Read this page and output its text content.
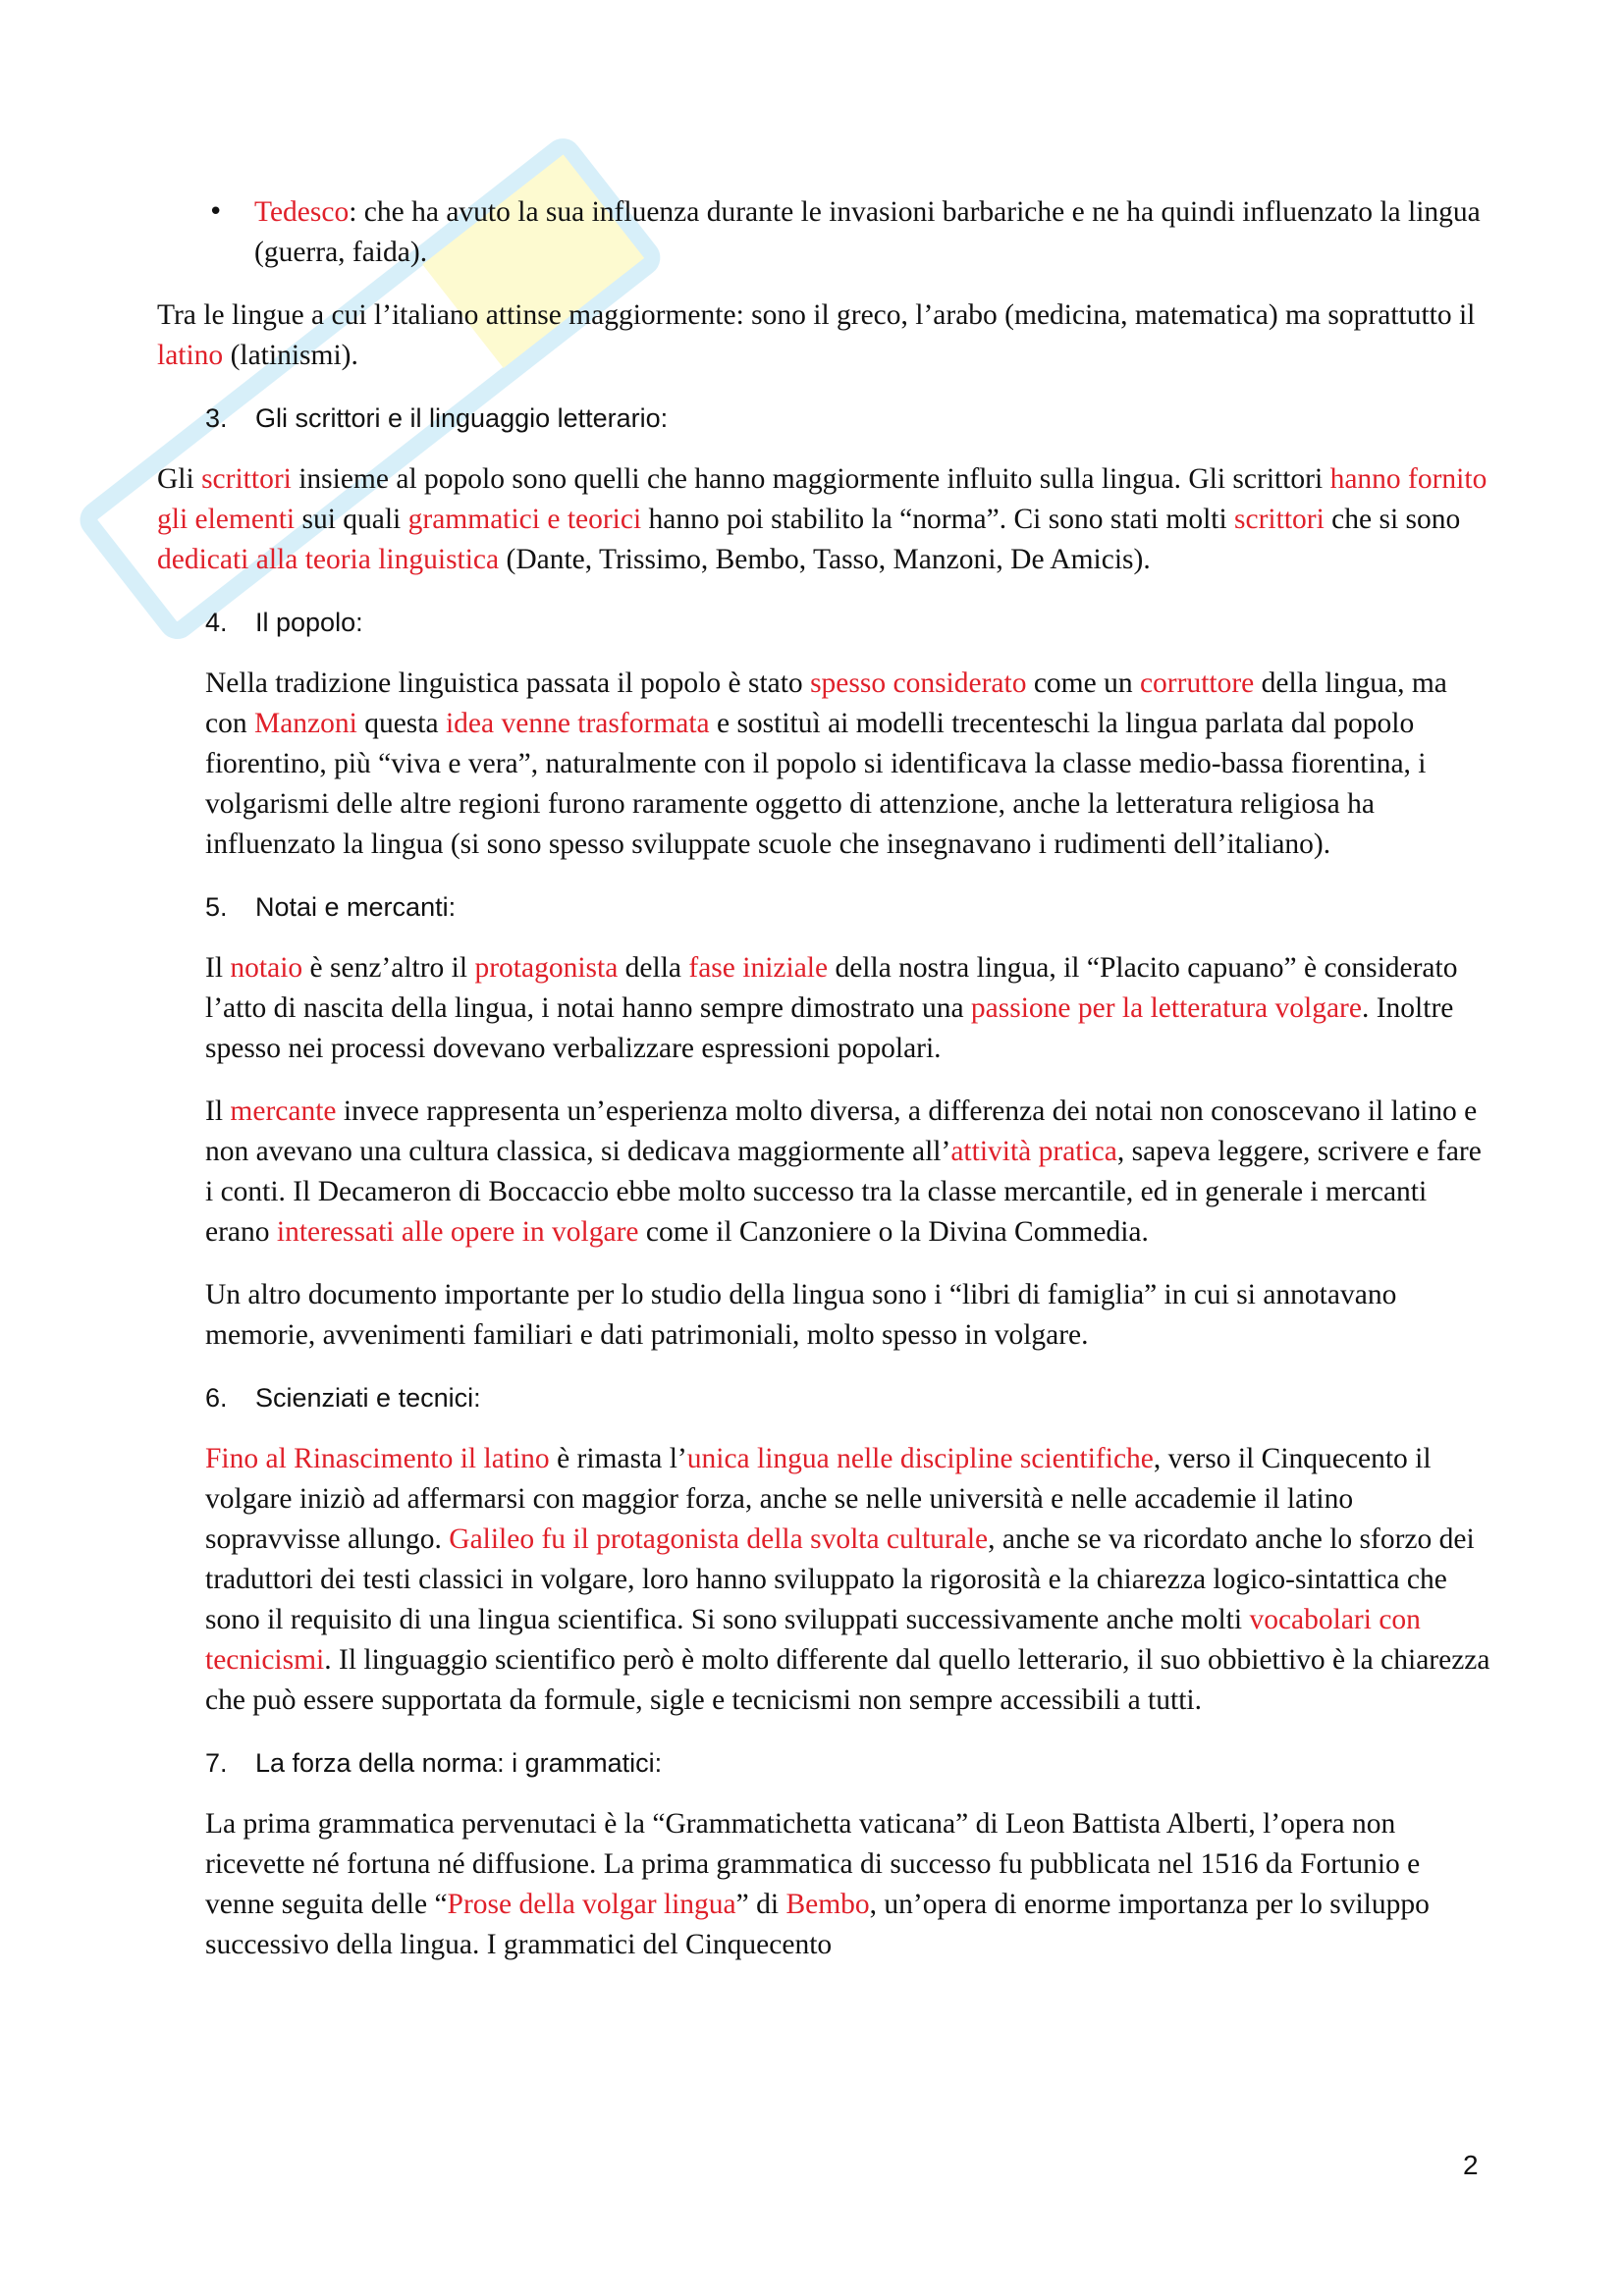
• Tedesco: che ha avuto la sua influenza durante le invasioni barbariche e ne ha quindi influenzato la lingua (guerra, faida).

Tra le lingue a cui l’italiano attinse maggiormente: sono il greco, l’arabo (medicina, matematica) ma soprattutto il latino (latinismi).

3. Gli scrittori e il linguaggio letterario:

Gli scrittori insieme al popolo sono quelli che hanno maggiormente influito sulla lingua. Gli scrittori hanno fornito gli elementi sui quali grammatici e teorici hanno poi stabilito la “norma”. Ci sono stati molti scrittori che si sono dedicati alla teoria linguistica (Dante, Trissimo, Bembo, Tasso, Manzoni, De Amicis).

4. Il popolo:

Nella tradizione linguistica passata il popolo è stato spesso considerato come un corruttore della lingua, ma con Manzoni questa idea venne trasformata e sostituì ai modelli trecenteschi la lingua parlata dal popolo fiorentino, più “viva e vera”, naturalmente con il popolo si identificava la classe medio-bassa fiorentina, i volgarismi delle altre regioni furono raramente oggetto di attenzione, anche la letteratura religiosa ha influenzato la lingua (si sono spesso sviluppate scuole che insegnavano i rudimenti dell’italiano).

5. Notai e mercanti:

Il notaio è senz’altro il protagonista della fase iniziale della nostra lingua, il “Placito capuano” è considerato l’atto di nascita della lingua, i notai hanno sempre dimostrato una passione per la letteratura volgare. Inoltre spesso nei processi dovevano verbalizzare espressioni popolari.

Il mercante invece rappresenta un’esperienza molto diversa, a differenza dei notai non conoscevano il latino e non avevano una cultura classica, si dedicava maggiormente all’attività pratica, sapeva leggere, scrivere e fare i conti. Il Decameron di Boccaccio ebbe molto successo tra la classe mercantile, ed in generale i mercanti erano interessati alle opere in volgare come il Canzoniere o la Divina Commedia.

Un altro documento importante per lo studio della lingua sono i “libri di famiglia” in cui si annotavano memorie, avvenimenti familiari e dati patrimoniali, molto spesso in volgare.

6. Scienziati e tecnici:

Fino al Rinascimento il latino è rimasta l’unica lingua nelle discipline scientifiche, verso il Cinquecento il volgare iniziò ad affermarsi con maggior forza, anche se nelle università e nelle accademie il latino sopravvisse allungo. Galileo fu il protagonista della svolta culturale, anche se va ricordato anche lo sforzo dei traduttori dei testi classici in volgare, loro hanno sviluppato la rigorosità e la chiarezza logico-sintattica che sono il requisito di una lingua scientifica. Si sono sviluppati successivamente anche molti vocabolari con tecnicismi. Il linguaggio scientifico però è molto differente dal quello letterario, il suo obbiettivo è la chiarezza che può essere supportata da formule, sigle e tecnicismi non sempre accessibili a tutti.

7. La forza della norma: i grammatici:

La prima grammatica pervenutaci è la “Grammatichetta vaticana” di Leon Battista Alberti, l’opera non ricevette né fortuna né diffusione. La prima grammatica di successo fu pubblicata nel 1516 da Fortunio e venne seguita delle “Prose della volgar lingua” di Bembo, un’opera di enorme importanza per lo sviluppo successivo della lingua. I grammatici del Cinquecento

2
